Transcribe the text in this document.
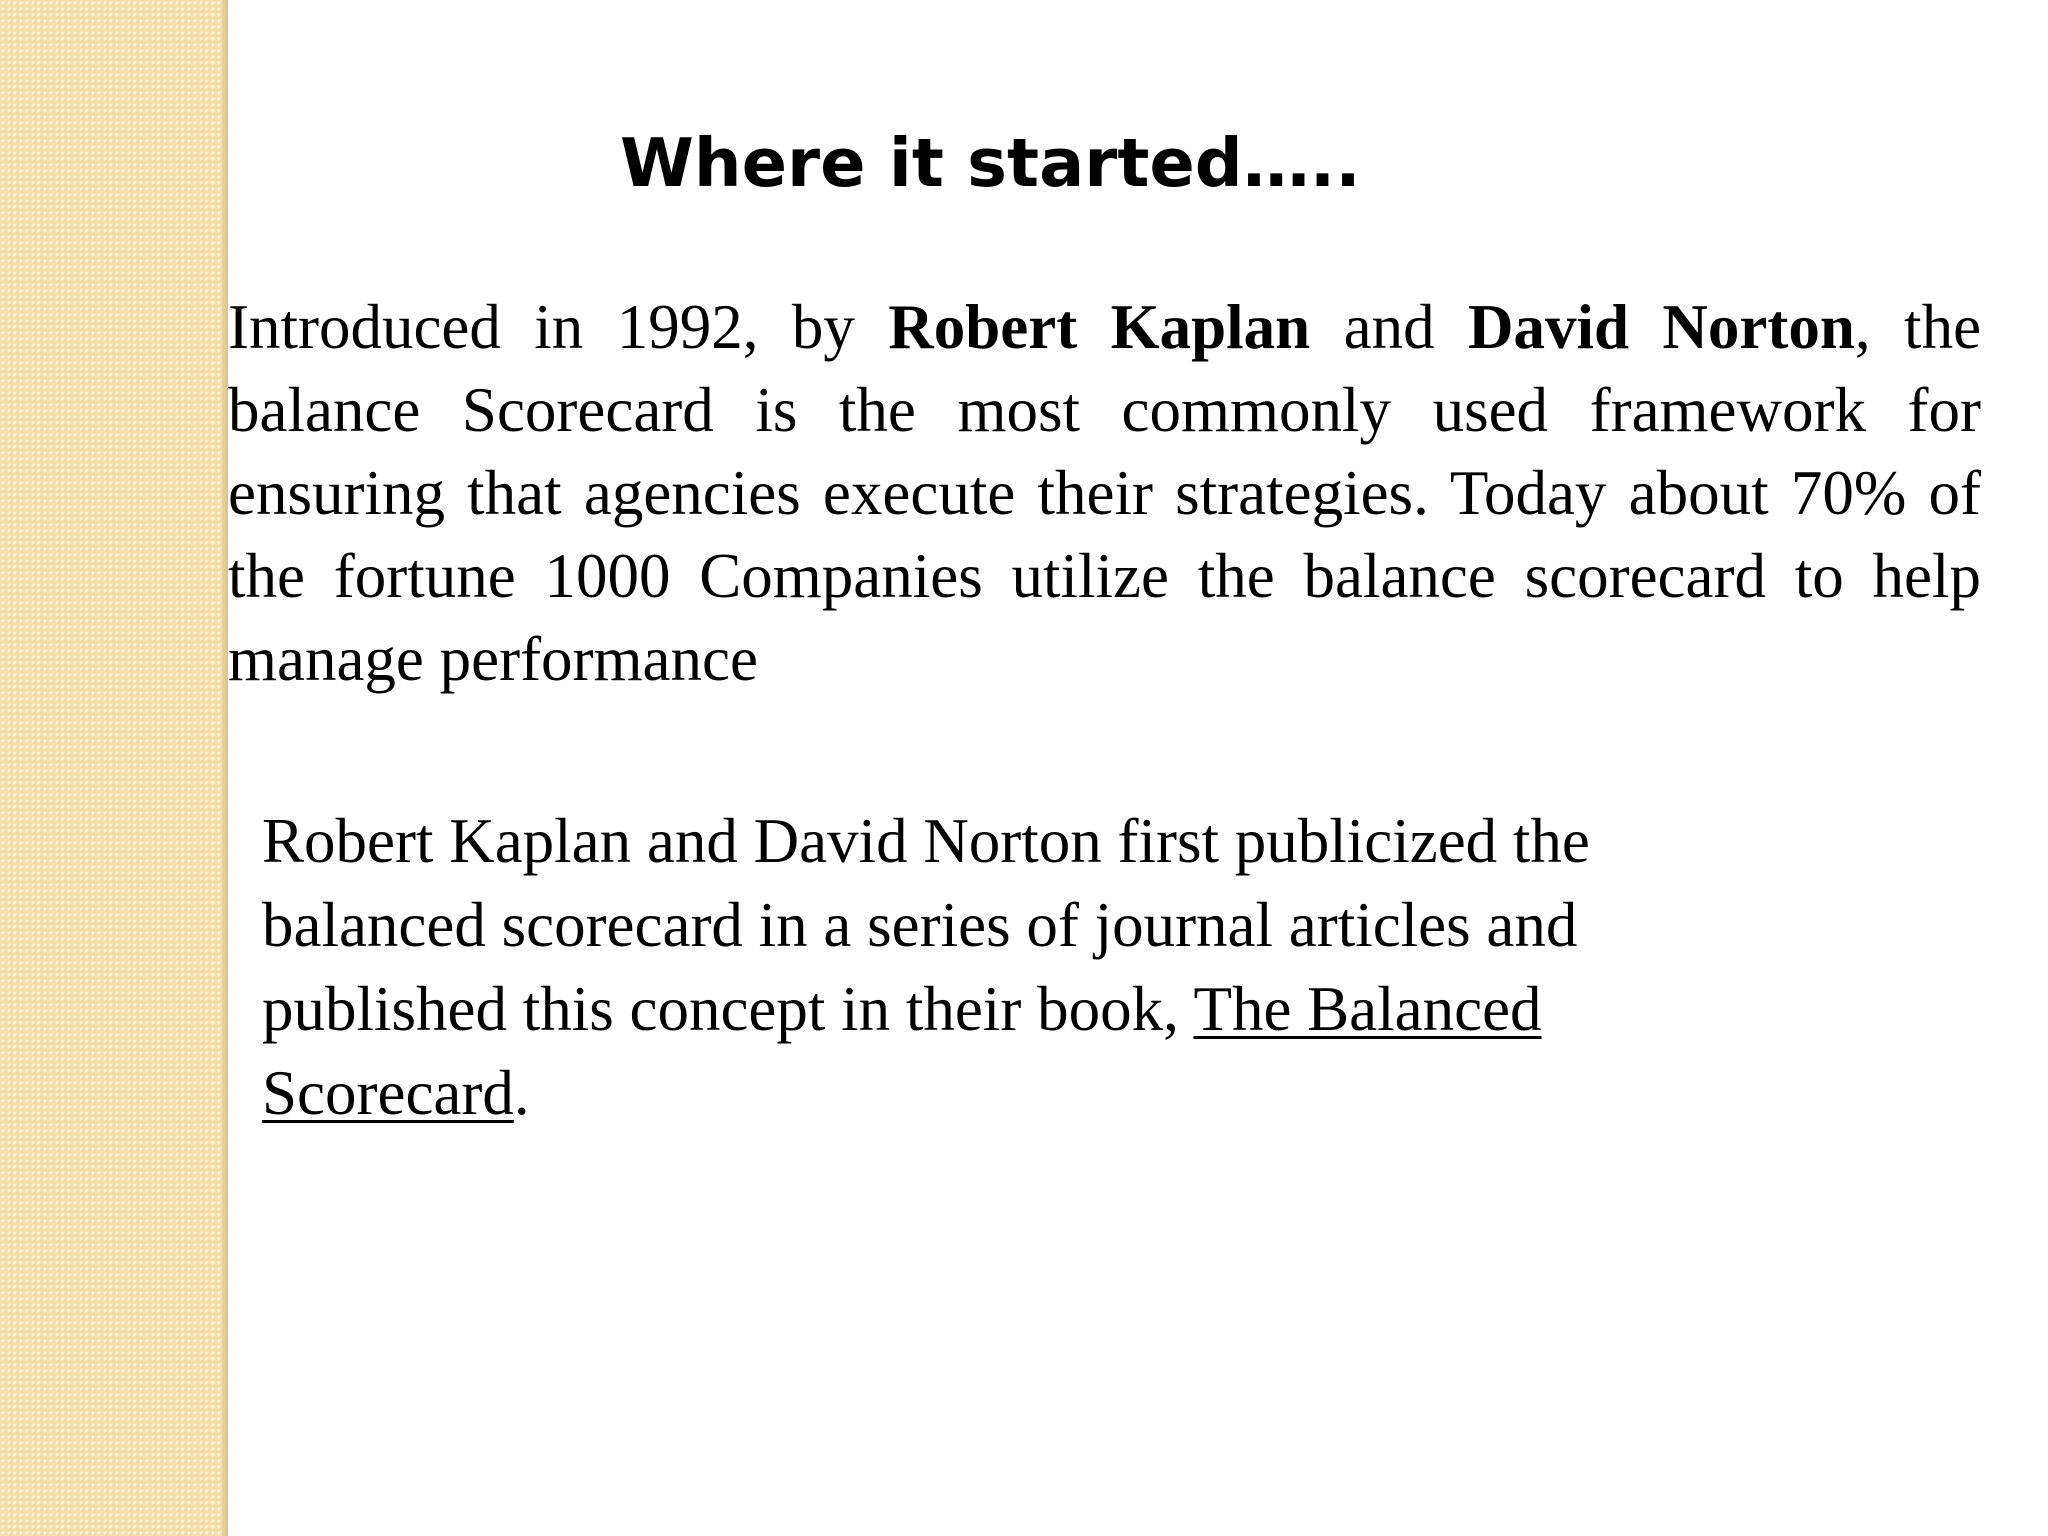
Where it started…..

Introduced in 1992, by Robert Kaplan and David Norton, the balance Scorecard is the most commonly used framework for ensuring that agencies execute their strategies. Today about 70% of the fortune 1000 Companies utilize the balance scorecard to help manage performance

Robert Kaplan and David Norton first publicized the balanced scorecard in a series of journal articles and published this concept in their book, The Balanced Scorecard.
